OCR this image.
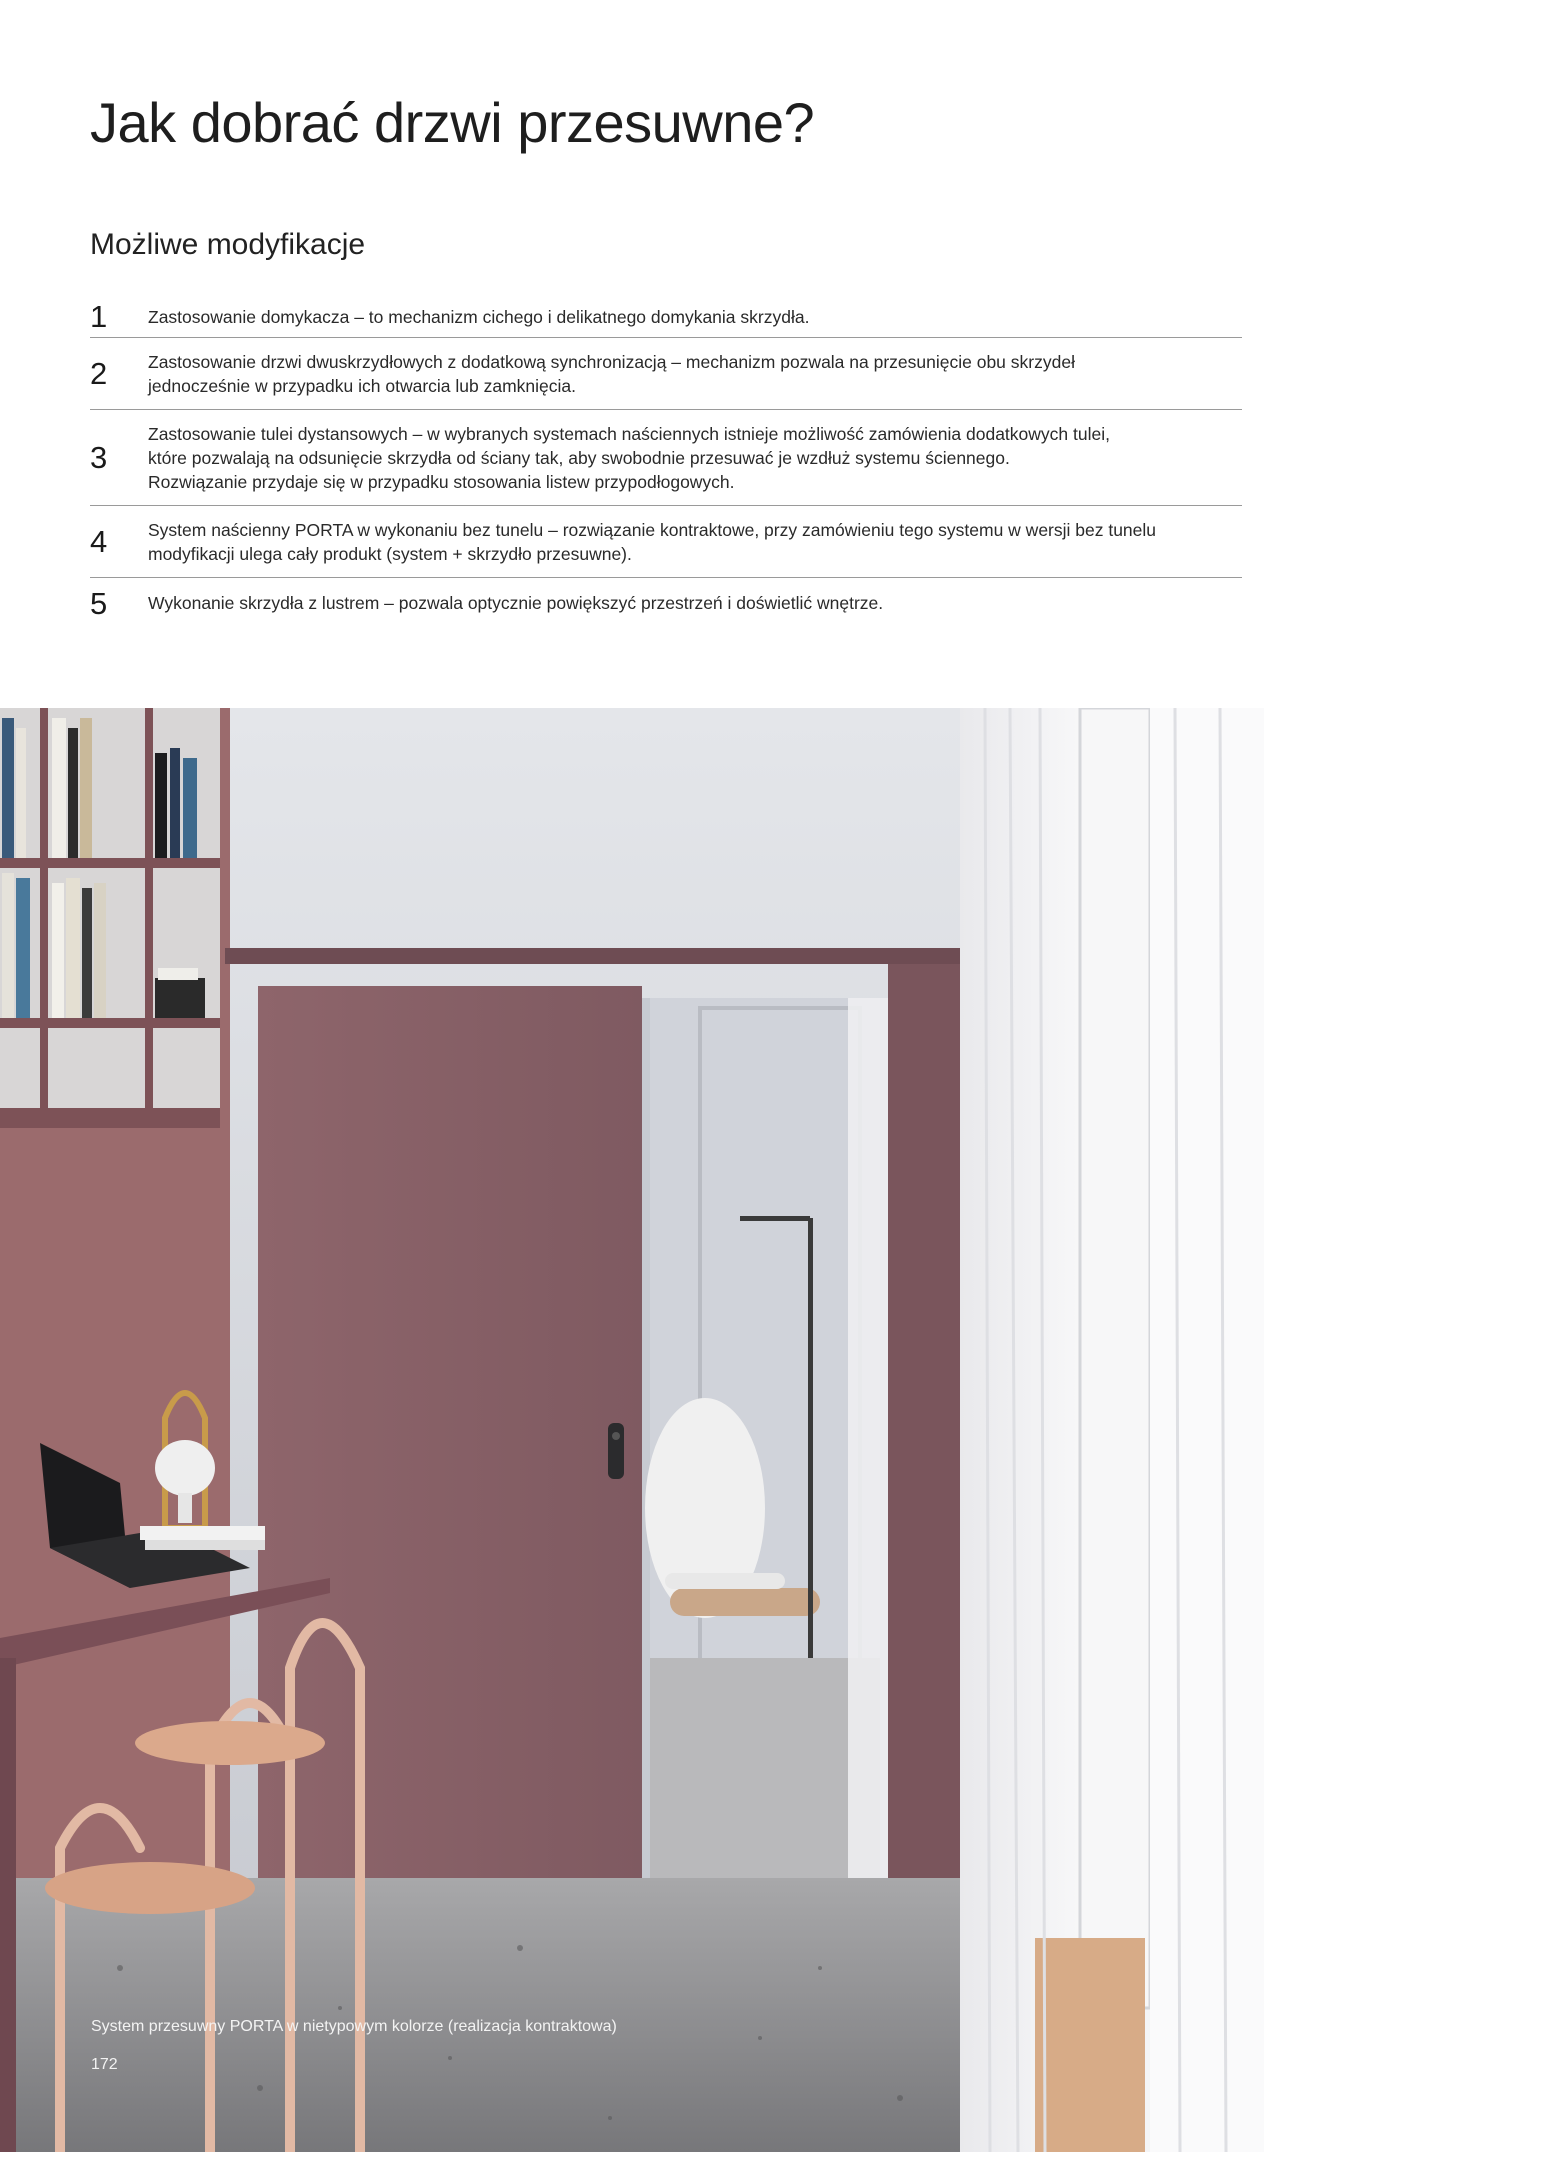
Jak dobrać drzwi przesuwne?
Możliwe modyfikacje
1	Zastosowanie domykacza – to mechanizm cichego i delikatnego domykania skrzydła.
2	Zastosowanie drzwi dwuskrzydłowych z dodatkową synchronizacją – mechanizm pozwala na przesunięcie obu skrzydeł
jednocześnie w przypadku ich otwarcia lub zamknięcia.
3
Zastosowanie tulei dystansowych – w wybranych systemach naściennych istnieje możliwość zamówienia dodatkowych tulei,
które pozwalają na odsunięcie skrzydła od ściany tak, aby swobodnie przesuwać je wzdłuż systemu ściennego.
Rozwiązanie przydaje się w przypadku stosowania listew przypodłogowych.
4	System naścienny PORTA w wykonaniu bez tunelu – rozwiązanie kontraktowe, przy zamówieniu tego systemu w wersji bez tunelu
modyfikacji ulega cały produkt (system + skrzydło przesuwne).
5	Wykonanie skrzydła z lustrem – pozwala optycznie powiększyć przestrzeń i doświetlić wnętrze.

System przesuwny PORTA w nietypowym kolorze (realizacja kontraktowa)

172
